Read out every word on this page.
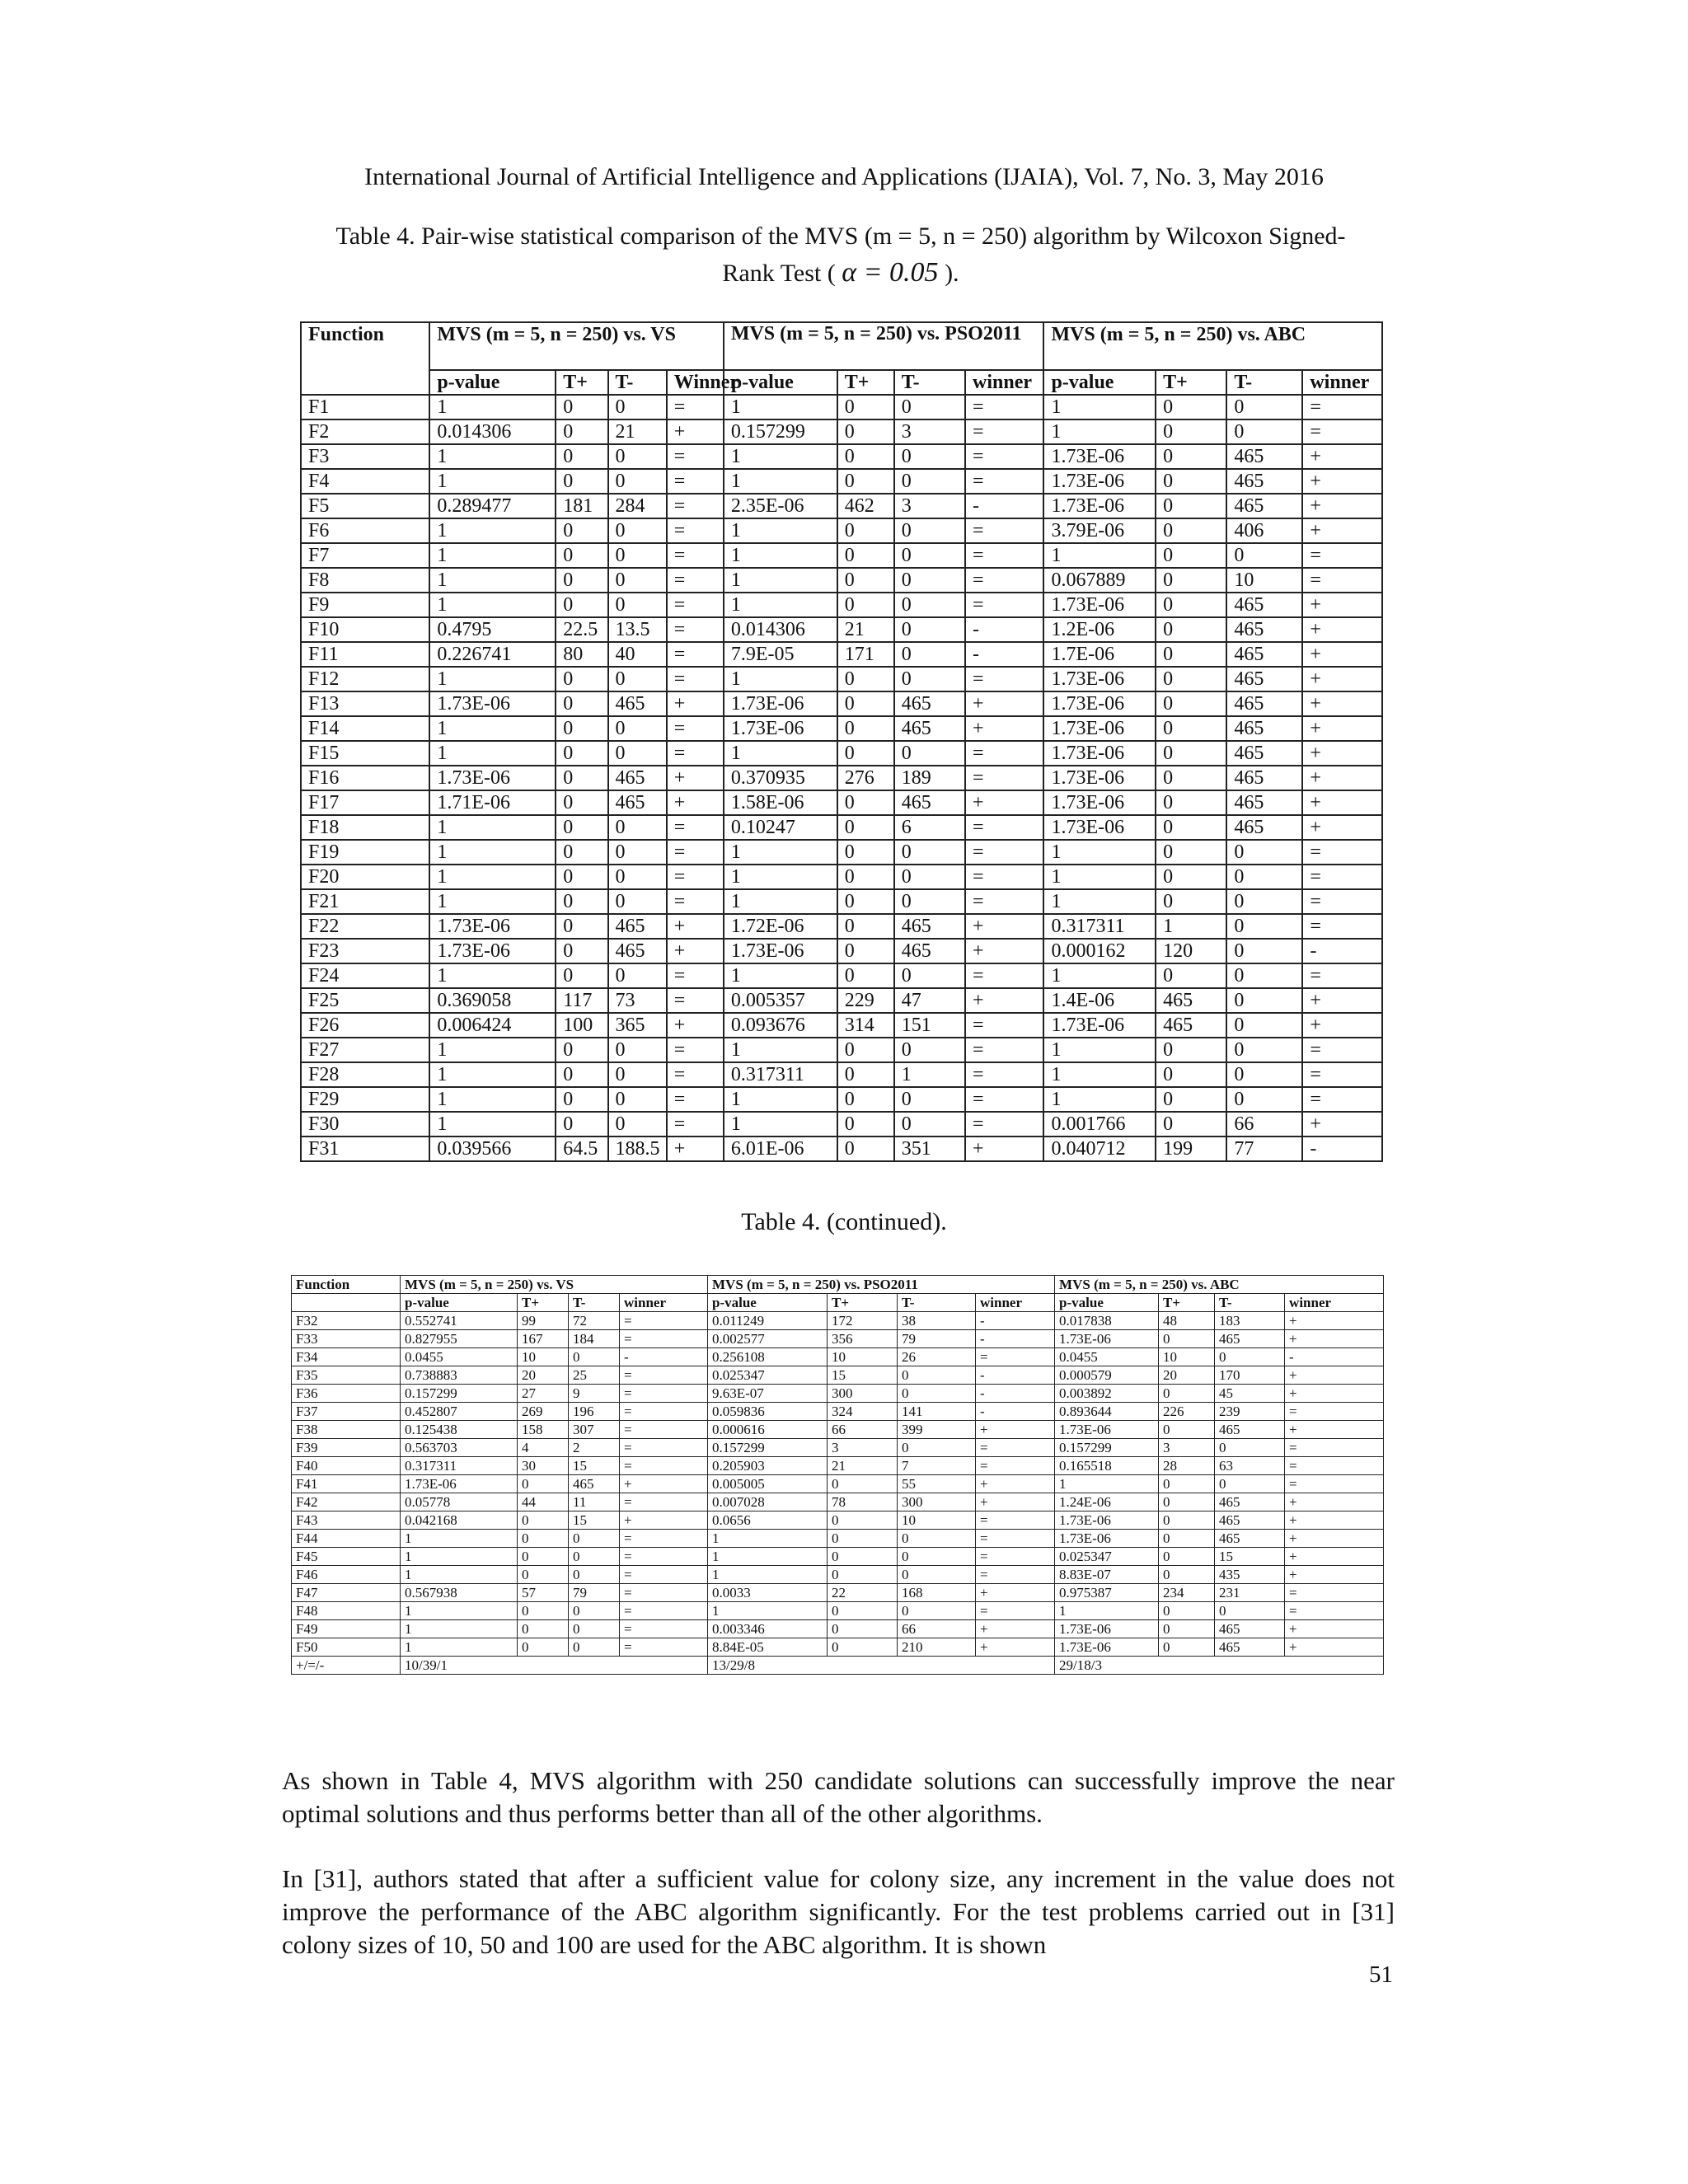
International Journal of Artificial Intelligence and Applications (IJAIA), Vol. 7, No. 3, May 2016
Table 4. Pair-wise statistical comparison of the MVS (m = 5, n = 250) algorithm by Wilcoxon Signed-
Rank Test ( α = 0.05 ).
Function	MVS (m = 5, n = 250) vs. VS				MVS (m = 5, n = 250) vs. PSO2011				MVS (m = 5, n = 250) vs. ABC			
	p-value	T+	T-	Winner	p-value	T+	T-	winner	p-value	T+	T-	winner
F1	1	0	0	=	1	0	0	=	1	0	0	=
F2	0.014306	0	21	+	0.157299	0	3	=	1	0	0	=
F3	1	0	0	=	1	0	0	=	1.73E-06	0	465	+
F4	1	0	0	=	1	0	0	=	1.73E-06	0	465	+
F5	0.289477	181	284	=	2.35E-06	462	3	-	1.73E-06	0	465	+
F6	1	0	0	=	1	0	0	=	3.79E-06	0	406	+
F7	1	0	0	=	1	0	0	=	1	0	0	=
F8	1	0	0	=	1	0	0	=	0.067889	0	10	=
F9	1	0	0	=	1	0	0	=	1.73E-06	0	465	+
F10	0.4795	22.5	13.5	=	0.014306	21	0	-	1.2E-06	0	465	+
F11	0.226741	80	40	=	7.9E-05	171	0	-	1.7E-06	0	465	+
F12	1	0	0	=	1	0	0	=	1.73E-06	0	465	+
F13	1.73E-06	0	465	+	1.73E-06	0	465	+	1.73E-06	0	465	+
F14	1	0	0	=	1.73E-06	0	465	+	1.73E-06	0	465	+
F15	1	0	0	=	1	0	0	=	1.73E-06	0	465	+
F16	1.73E-06	0	465	+	0.370935	276	189	=	1.73E-06	0	465	+
F17	1.71E-06	0	465	+	1.58E-06	0	465	+	1.73E-06	0	465	+
F18	1	0	0	=	0.10247	0	6	=	1.73E-06	0	465	+
F19	1	0	0	=	1	0	0	=	1	0	0	=
F20	1	0	0	=	1	0	0	=	1	0	0	=
F21	1	0	0	=	1	0	0	=	1	0	0	=
F22	1.73E-06	0	465	+	1.72E-06	0	465	+	0.317311	1	0	=
F23	1.73E-06	0	465	+	1.73E-06	0	465	+	0.000162	120	0	-
F24	1	0	0	=	1	0	0	=	1	0	0	=
F25	0.369058	117	73	=	0.005357	229	47	+	1.4E-06	465	0	+
F26	0.006424	100	365	+	0.093676	314	151	=	1.73E-06	465	0	+
F27	1	0	0	=	1	0	0	=	1	0	0	=
F28	1	0	0	=	0.317311	0	1	=	1	0	0	=
F29	1	0	0	=	1	0	0	=	1	0	0	=
F30	1	0	0	=	1	0	0	=	0.001766	0	66	+
F31	0.039566	64.5	188.5	+	6.01E-06	0	351	+	0.040712	199	77	-
Table 4. (continued).
Function	MVS (m = 5, n = 250) vs. VS				MVS (m = 5, n = 250) vs. PSO2011				MVS (m = 5, n = 250) vs. ABC			
	p-value	T+	T-	winner	p-value	T+	T-	winner	p-value	T+	T-	winner
F32	0.552741	99	72	=	0.011249	172	38	-	0.017838	48	183	+
F33	0.827955	167	184	=	0.002577	356	79	-	1.73E-06	0	465	+
F34	0.0455	10	0	-	0.256108	10	26	=	0.0455	10	0	-
F35	0.738883	20	25	=	0.025347	15	0	-	0.000579	20	170	+
F36	0.157299	27	9	=	9.63E-07	300	0	-	0.003892	0	45	+
F37	0.452807	269	196	=	0.059836	324	141	-	0.893644	226	239	=
F38	0.125438	158	307	=	0.000616	66	399	+	1.73E-06	0	465	+
F39	0.563703	4	2	=	0.157299	3	0	=	0.157299	3	0	=
F40	0.317311	30	15	=	0.205903	21	7	=	0.165518	28	63	=
F41	1.73E-06	0	465	+	0.005005	0	55	+	1	0	0	=
F42	0.05778	44	11	=	0.007028	78	300	+	1.24E-06	0	465	+
F43	0.042168	0	15	+	0.0656	0	10	=	1.73E-06	0	465	+
F44	1	0	0	=	1	0	0	=	1.73E-06	0	465	+
F45	1	0	0	=	1	0	0	=	0.025347	0	15	+
F46	1	0	0	=	1	0	0	=	8.83E-07	0	435	+
F47	0.567938	57	79	=	0.0033	22	168	+	0.975387	234	231	=
F48	1	0	0	=	1	0	0	=	1	0	0	=
F49	1	0	0	=	0.003346	0	66	+	1.73E-06	0	465	+
F50	1	0	0	=	8.84E-05	0	210	+	1.73E-06	0	465	+
+/=/-	10/39/1				13/29/8				29/18/3			

As shown in Table 4, MVS algorithm with 250 candidate solutions can successfully improve the near optimal solutions and thus performs better than all of the other algorithms.

In [31], authors stated that after a sufficient value for colony size, any increment in the value does not improve the performance of the ABC algorithm significantly. For the test problems carried out in [31] colony sizes of 10, 50 and 100 are used for the ABC algorithm. It is shown

51
